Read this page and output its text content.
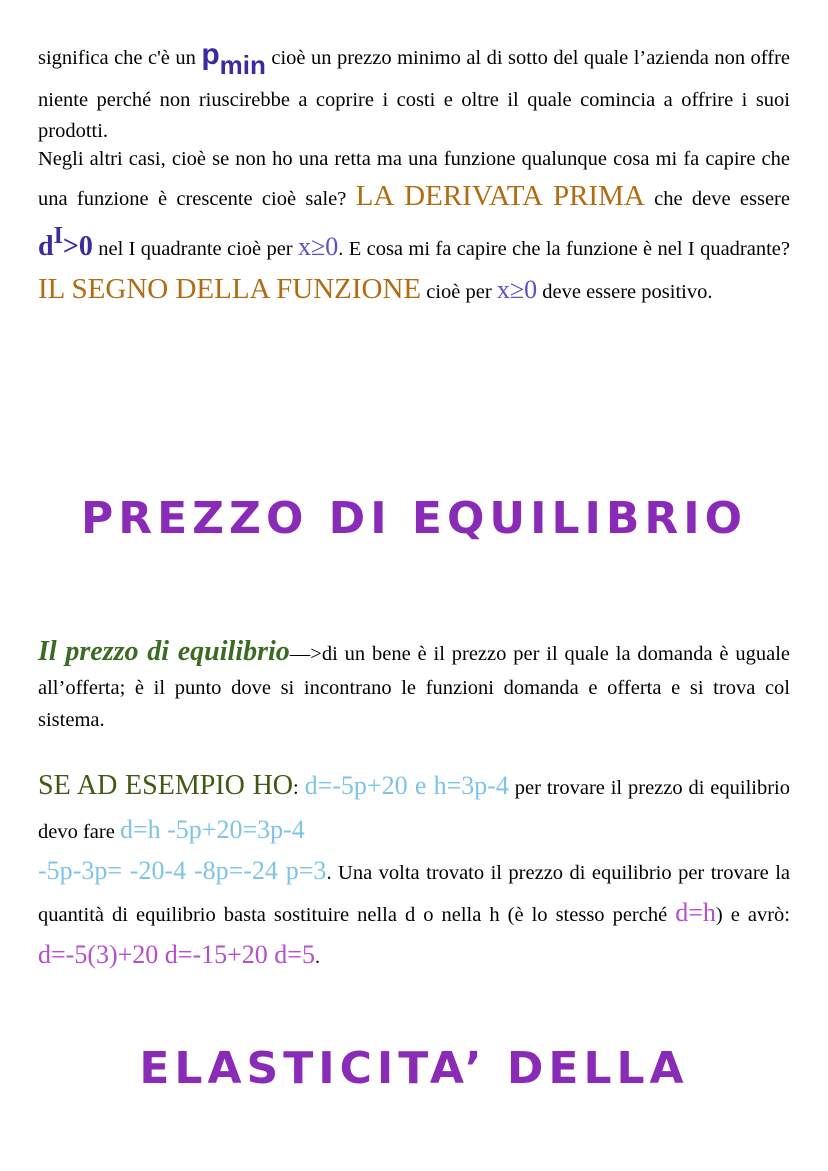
significa che c'è un $p_{min}$ cioè un prezzo minimo al di sotto del quale l’azienda non offre niente perché non riuscirebbe a coprire i costi e oltre il quale comincia a offrire i suoi prodotti.

Negli altri casi, cioè se non ho una retta ma una funzione qualunque cosa mi fa capire che una funzione è crescente cioè sale? LA DERIVATA PRIMA che deve essere $d^I>0$ nel I quadrante cioè per x≥0. E cosa mi fa capire che la funzione è nel I quadrante? IL SEGNO DELLA FUNZIONE cioè per x≥0 deve essere positivo.

Il prezzo di equilibrio—>di un bene è il prezzo per il quale la domanda è uguale all’offerta; è il punto dove si incontrano le funzioni domanda e offerta e si trova col sistema.

SE AD ESEMPIO HO: d=-5p+20 e h=3p-4 per trovare il prezzo di equilibrio devo fare d=h -5p+20=3p-4
-5p-3p= -20-4 -8p=-24 p=3. Una volta trovato il prezzo di equilibrio per trovare la quantità di equilibrio basta sostituire nella d o nella h (è lo stesso perché d=h) e avrò: d=-5(3)+20 d=-15+20 d=5.

PREZZO DI EQUILIBRIO
ELASTICITA’ DELLA
